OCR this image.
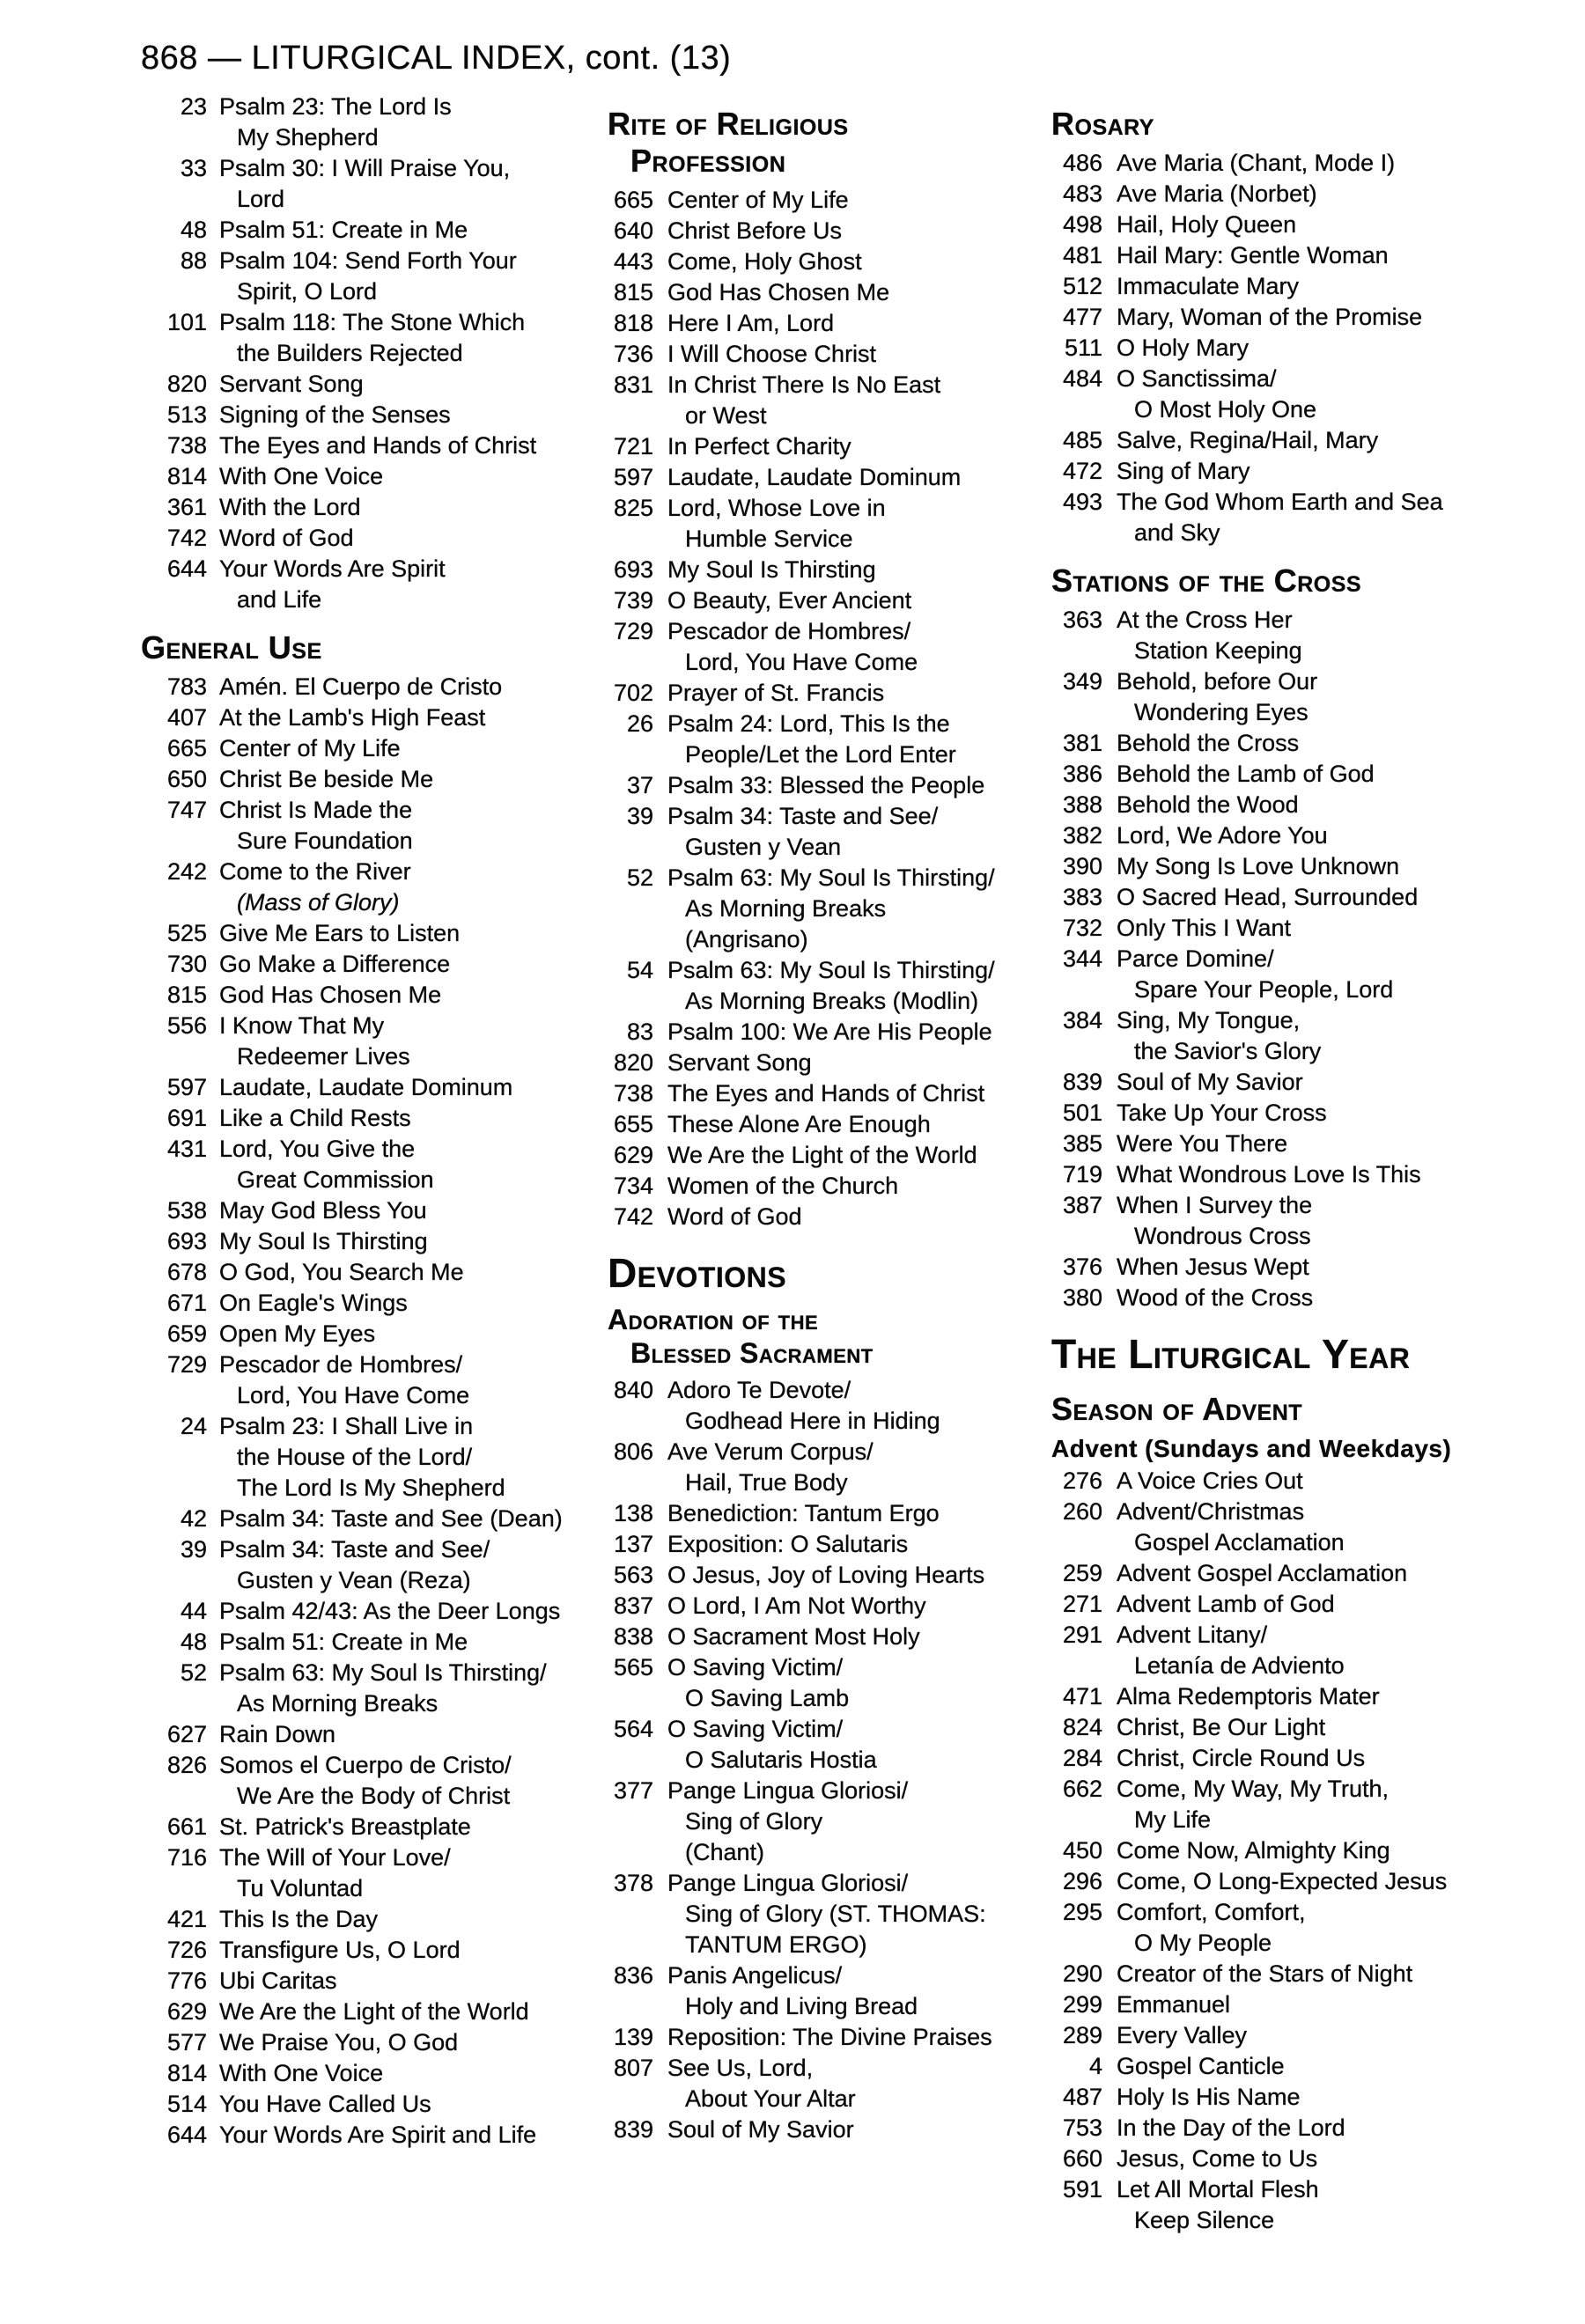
868 — LITURGICAL INDEX, cont. (13)
23 Psalm 23: The Lord Is
My Shepherd
33 Psalm 30: I Will Praise You,
Lord
48 Psalm 51: Create in Me
88 Psalm 104: Send Forth Your
Spirit, O Lord
101 Psalm 118: The Stone Which
the Builders Rejected
820 Servant Song
513 Signing of the Senses
738 The Eyes and Hands of Christ
814 With One Voice
361 With the Lord
742 Word of God
644 Your Words Are Spirit
and Life
General Use
783 Amén. El Cuerpo de Cristo
407 At the Lamb's High Feast
665 Center of My Life
650 Christ Be beside Me
747 Christ Is Made the
Sure Foundation
242 Come to the River
(Mass of Glory)
525 Give Me Ears to Listen
730 Go Make a Difference
815 God Has Chosen Me
556 I Know That My
Redeemer Lives
597 Laudate, Laudate Dominum
691 Like a Child Rests
431 Lord, You Give the
Great Commission
538 May God Bless You
693 My Soul Is Thirsting
678 O God, You Search Me
671 On Eagle's Wings
659 Open My Eyes
729 Pescador de Hombres/
Lord, You Have Come
24 Psalm 23: I Shall Live in
the House of the Lord/
The Lord Is My Shepherd
42 Psalm 34: Taste and See (Dean)
39 Psalm 34: Taste and See/
Gusten y Vean (Reza)
44 Psalm 42/43: As the Deer Longs
48 Psalm 51: Create in Me
52 Psalm 63: My Soul Is Thirsting/
As Morning Breaks
627 Rain Down
826 Somos el Cuerpo de Cristo/
We Are the Body of Christ
661 St. Patrick's Breastplate
716 The Will of Your Love/
Tu Voluntad
421 This Is the Day
726 Transfigure Us, O Lord
776 Ubi Caritas
629 We Are the Light of the World
577 We Praise You, O God
814 With One Voice
514 You Have Called Us
644 Your Words Are Spirit and Life
Rite of Religious
Profession
665 Center of My Life
640 Christ Before Us
443 Come, Holy Ghost
815 God Has Chosen Me
818 Here I Am, Lord
736 I Will Choose Christ
831 In Christ There Is No East
or West
721 In Perfect Charity
597 Laudate, Laudate Dominum
825 Lord, Whose Love in
Humble Service
693 My Soul Is Thirsting
739 O Beauty, Ever Ancient
729 Pescador de Hombres/
Lord, You Have Come
702 Prayer of St. Francis
26 Psalm 24: Lord, This Is the
People/Let the Lord Enter
37 Psalm 33: Blessed the People
39 Psalm 34: Taste and See/
Gusten y Vean
52 Psalm 63: My Soul Is Thirsting/
As Morning Breaks
(Angrisano)
54 Psalm 63: My Soul Is Thirsting/
As Morning Breaks (Modlin)
83 Psalm 100: We Are His People
820 Servant Song
738 The Eyes and Hands of Christ
655 These Alone Are Enough
629 We Are the Light of the World
734 Women of the Church
742 Word of God
Devotions
Adoration of the
Blessed Sacrament
840 Adoro Te Devote/
Godhead Here in Hiding
806 Ave Verum Corpus/
Hail, True Body
138 Benediction: Tantum Ergo
137 Exposition: O Salutaris
563 O Jesus, Joy of Loving Hearts
837 O Lord, I Am Not Worthy
838 O Sacrament Most Holy
565 O Saving Victim/
O Saving Lamb
564 O Saving Victim/
O Salutaris Hostia
377 Pange Lingua Gloriosi/
Sing of Glory
(Chant)
378 Pange Lingua Gloriosi/
Sing of Glory (ST. THOMAS:
TANTUM ERGO)
836 Panis Angelicus/
Holy and Living Bread
139 Reposition: The Divine Praises
807 See Us, Lord,
About Your Altar
839 Soul of My Savior
Rosary
486 Ave Maria (Chant, Mode I)
483 Ave Maria (Norbet)
498 Hail, Holy Queen
481 Hail Mary: Gentle Woman
512 Immaculate Mary
477 Mary, Woman of the Promise
511 O Holy Mary
484 O Sanctissima/
O Most Holy One
485 Salve, Regina/Hail, Mary
472 Sing of Mary
493 The God Whom Earth and Sea
and Sky
Stations of the Cross
363 At the Cross Her
Station Keeping
349 Behold, before Our
Wondering Eyes
381 Behold the Cross
386 Behold the Lamb of God
388 Behold the Wood
382 Lord, We Adore You
390 My Song Is Love Unknown
383 O Sacred Head, Surrounded
732 Only This I Want
344 Parce Domine/
Spare Your People, Lord
384 Sing, My Tongue,
the Savior's Glory
839 Soul of My Savior
501 Take Up Your Cross
385 Were You There
719 What Wondrous Love Is This
387 When I Survey the
Wondrous Cross
376 When Jesus Wept
380 Wood of the Cross
The Liturgical Year
Season of Advent
Advent (Sundays and Weekdays)
276 A Voice Cries Out
260 Advent/Christmas
Gospel Acclamation
259 Advent Gospel Acclamation
271 Advent Lamb of God
291 Advent Litany/
Letanía de Adviento
471 Alma Redemptoris Mater
824 Christ, Be Our Light
284 Christ, Circle Round Us
662 Come, My Way, My Truth,
My Life
450 Come Now, Almighty King
296 Come, O Long-Expected Jesus
295 Comfort, Comfort,
O My People
290 Creator of the Stars of Night
299 Emmanuel
289 Every Valley
4 Gospel Canticle
487 Holy Is His Name
753 In the Day of the Lord
660 Jesus, Come to Us
591 Let All Mortal Flesh
Keep Silence
